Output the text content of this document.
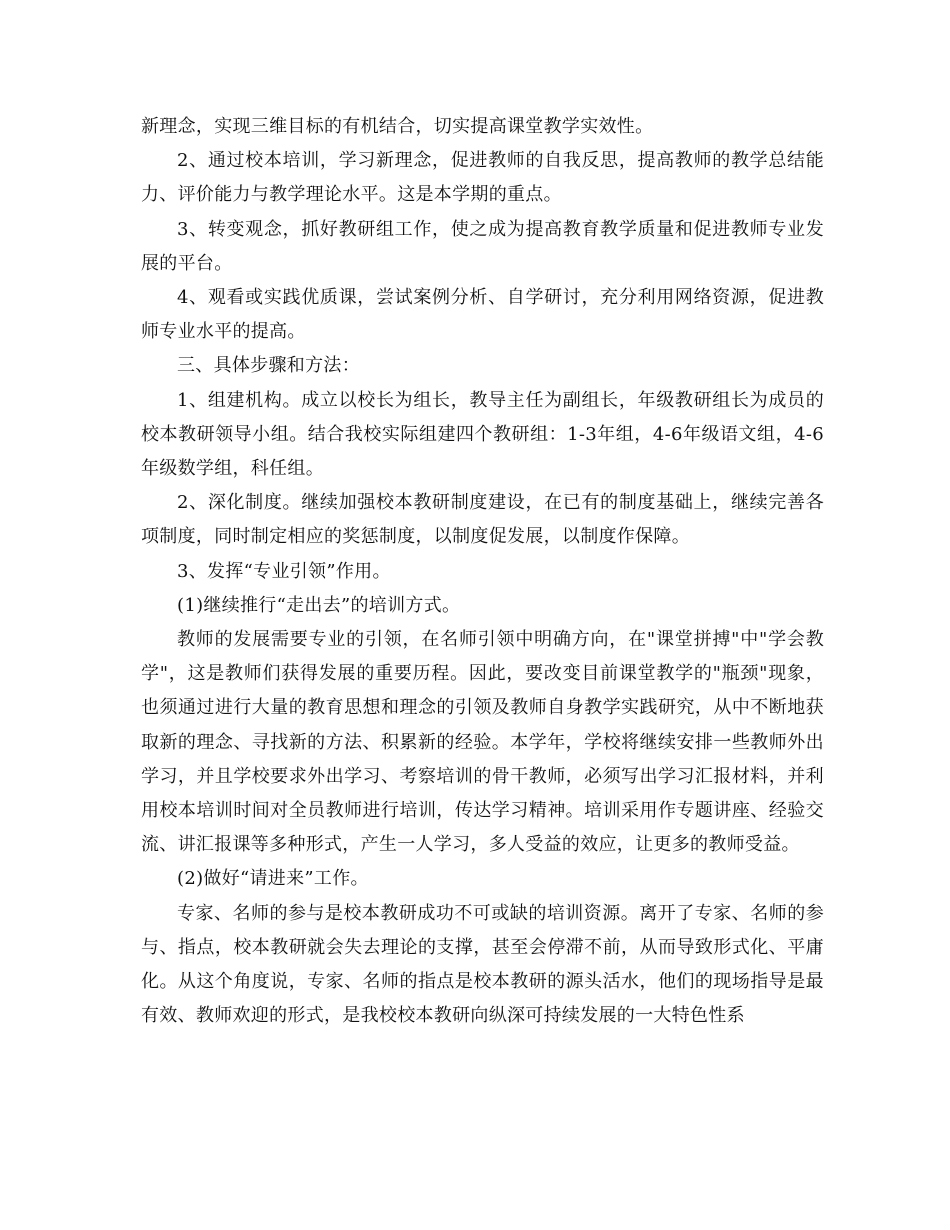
新理念，实现三维目标的有机结合，切实提高课堂教学实效性。

2、通过校本培训，学习新理念，促进教师的自我反思，提高教师的教学总结能力、评价能力与教学理论水平。这是本学期的重点。

3、转变观念，抓好教研组工作，使之成为提高教育教学质量和促进教师专业发展的平台。

4、观看或实践优质课，尝试案例分析、自学研讨，充分利用网络资源，促进教师专业水平的提高。

三、具体步骤和方法：

1、组建机构。成立以校长为组长，教导主任为副组长，年级教研组长为成员的校本教研领导小组。结合我校实际组建四个教研组：1-3年组，4-6年级语文组，4-6年级数学组，科任组。

2、深化制度。继续加强校本教研制度建设，在已有的制度基础上，继续完善各项制度，同时制定相应的奖惩制度，以制度促发展，以制度作保障。

3、发挥“专业引领”作用。

(1)继续推行“走出去”的培训方式。

教师的发展需要专业的引领，在名师引领中明确方向，在"课堂拼搏"中"学会教学"，这是教师们获得发展的重要历程。因此，要改变目前课堂教学的"瓶颈"现象，也须通过进行大量的教育思想和理念的引领及教师自身教学实践研究，从中不断地获取新的理念、寻找新的方法、积累新的经验。本学年，学校将继续安排一些教师外出学习，并且学校要求外出学习、考察培训的骨干教师，必须写出学习汇报材料，并利用校本培训时间对全员教师进行培训，传达学习精神。培训采用作专题讲座、经验交流、讲汇报课等多种形式，产生一人学习，多人受益的效应，让更多的教师受益。

(2)做好“请进来”工作。

专家、名师的参与是校本教研成功不可或缺的培训资源。离开了专家、名师的参与、指点，校本教研就会失去理论的支撑，甚至会停滞不前，从而导致形式化、平庸化。从这个角度说，专家、名师的指点是校本教研的源头活水，他们的现场指导是最有效、教师欢迎的形式，是我校校本教研向纵深可持续发展的一大特色性系
